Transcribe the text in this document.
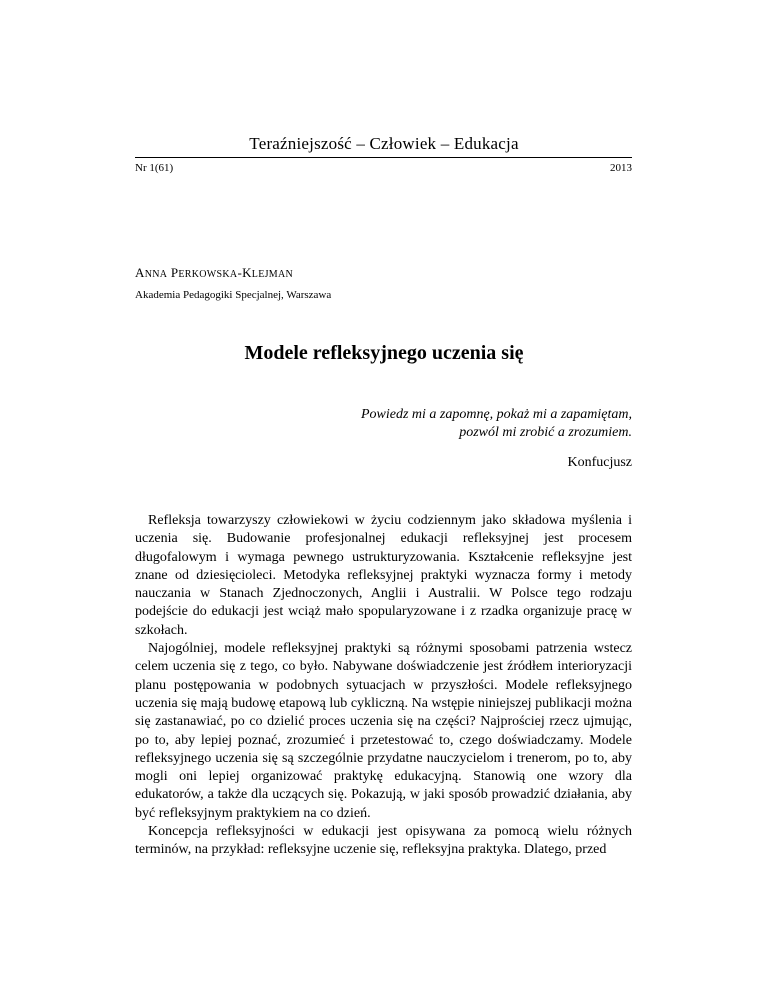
Teraźniejszość – Człowiek – Edukacja
Nr 1(61)	2013
ANNA PERKOWSKA-KLEJMAN
Akademia Pedagogiki Specjalnej, Warszawa
Modele refleksyjnego uczenia się
Powiedz mi a zapomnę, pokaż mi a zapamiętam,
pozwól mi zrobić a zrozumiem.
Konfucjusz

Refleksja towarzyszy człowiekowi w życiu codziennym jako składowa myślenia i uczenia się. Budowanie profesjonalnej edukacji refleksyjnej jest procesem długofalowym i wymaga pewnego ustrukturyzowania. Kształcenie refleksyjne jest znane od dziesięcioleci. Metodyka refleksyjnej praktyki wyznacza formy i metody nauczania w Stanach Zjednoczonych, Anglii i Australii. W Polsce tego rodzaju podejście do edukacji jest wciąż mało spopularyzowane i z rzadka organizuje pracę w szkołach.

Najogólniej, modele refleksyjnej praktyki są różnymi sposobami patrzenia wstecz celem uczenia się z tego, co było. Nabywane doświadczenie jest źródłem interioryzacji planu postępowania w podobnych sytuacjach w przyszłości. Modele refleksyjnego uczenia się mają budowę etapową lub cykliczną. Na wstępie niniejszej publikacji można się zastanawiać, po co dzielić proces uczenia się na części? Najprościej rzecz ujmując, po to, aby lepiej poznać, zrozumieć i przetestować to, czego doświadczamy. Modele refleksyjnego uczenia się są szczególnie przydatne nauczycielom i trenerom, po to, aby mogli oni lepiej organizować praktykę edukacyjną. Stanowią one wzory dla edukatorów, a także dla uczących się. Pokazują, w jaki sposób prowadzić działania, aby być refleksyjnym praktykiem na co dzień.

Koncepcja refleksyjności w edukacji jest opisywana za pomocą wielu różnych terminów, na przykład: refleksyjne uczenie się, refleksyjna praktyka. Dlatego, przed
